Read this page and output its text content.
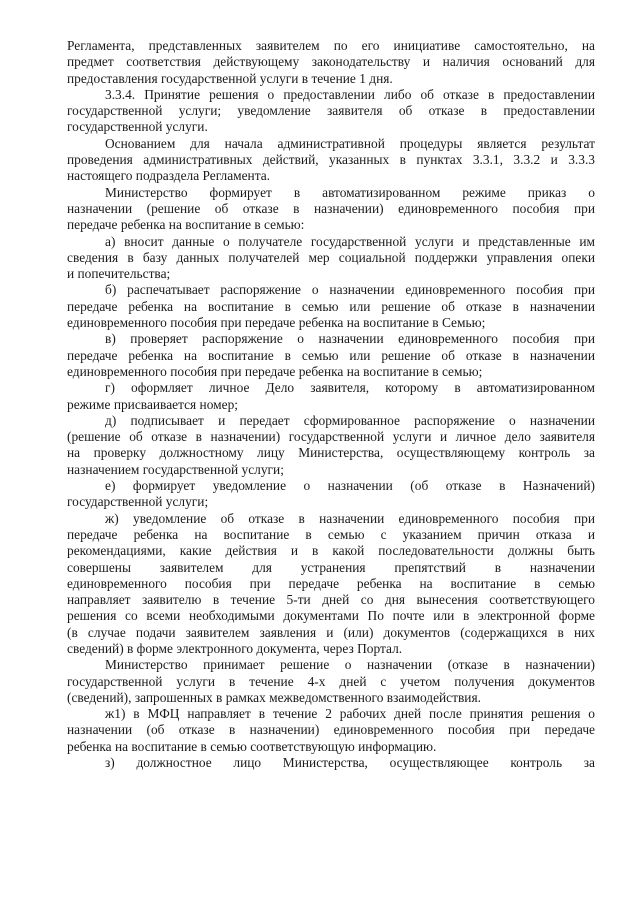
Регламента, представленных заявителем по его инициативе самостоятельно, на

предмет соответствия действующему законодательству и наличия оснований для

предоставления государственной услуги в течение 1 дня.

3.3.4. Принятие решения о предоставлении либо об отказе в предоставлении

государственной услуги; уведомление заявителя об отказе в предоставлении

государственной услуги.

Основанием для начала административной процедуры является результат

проведения административных действий, указанных в пунктах 3.3.1, 3.3.2 и 3.3.3

настоящего подраздела Регламента.

Министерство формирует в автоматизированном режиме приказ о

назначении (решение об отказе в назначении) единовременного пособия при

передаче ребенка на воспитание в семью:

а) вносит данные о получателе государственной услуги и представленные им

сведения в базу данных получателей мер социальной поддержки управления опеки

и попечительства;

б) распечатывает распоряжение о назначении единовременного пособия при

передаче ребенка на воспитание в семью или решение об отказе в назначении

единовременного пособия при передаче ребенка на воспитание в Семью;

в) проверяет распоряжение о назначении единовременного пособия при

передаче ребенка на воспитание в семью или решение об отказе в назначении

единовременного пособия при передаче ребенка на воспитание в семью;

г) оформляет личное Дело заявителя, которому в автоматизированном

режиме присваивается номер;

д) подписывает и передает сформированное распоряжение о назначении

(решение об отказе в назначении) государственной услуги и личное дело заявителя

на проверку должностному лицу Министерства, осуществляющему контроль за

назначением государственной услуги;

е) формирует уведомление о назначении (об отказе в Назначений)

государственной услуги;

ж) уведомление об отказе в назначении единовременного пособия при

передаче ребенка на воспитание в семью с указанием причин отказа и

рекомендациями, какие действия и в какой последовательности должны быть

совершены заявителем для устранения препятствий в назначении

единовременного пособия при передаче ребенка на воспитание в семью

направляет заявителю в течение 5-ти дней со дня вынесения соответствующего

решения со всеми необходимыми документами По почте или в электронной форме

(в случае подачи заявителем заявления и (или) документов (содержащихся в них

сведений) в форме электронного документа, через Портал.

Министерство принимает решение о назначении (отказе в назначении)

государственной услуги в течение 4-х дней с учетом получения документов

(сведений), запрошенных в рамках межведомственного взаимодействия.

ж1) в МФЦ направляет в течение 2 рабочих дней после принятия решения о

назначении (об отказе в назначении) единовременного пособия при передаче

ребенка на воспитание в семью соответствующую информацию.

з) должностное лицо Министерства, осуществляющее контроль за
